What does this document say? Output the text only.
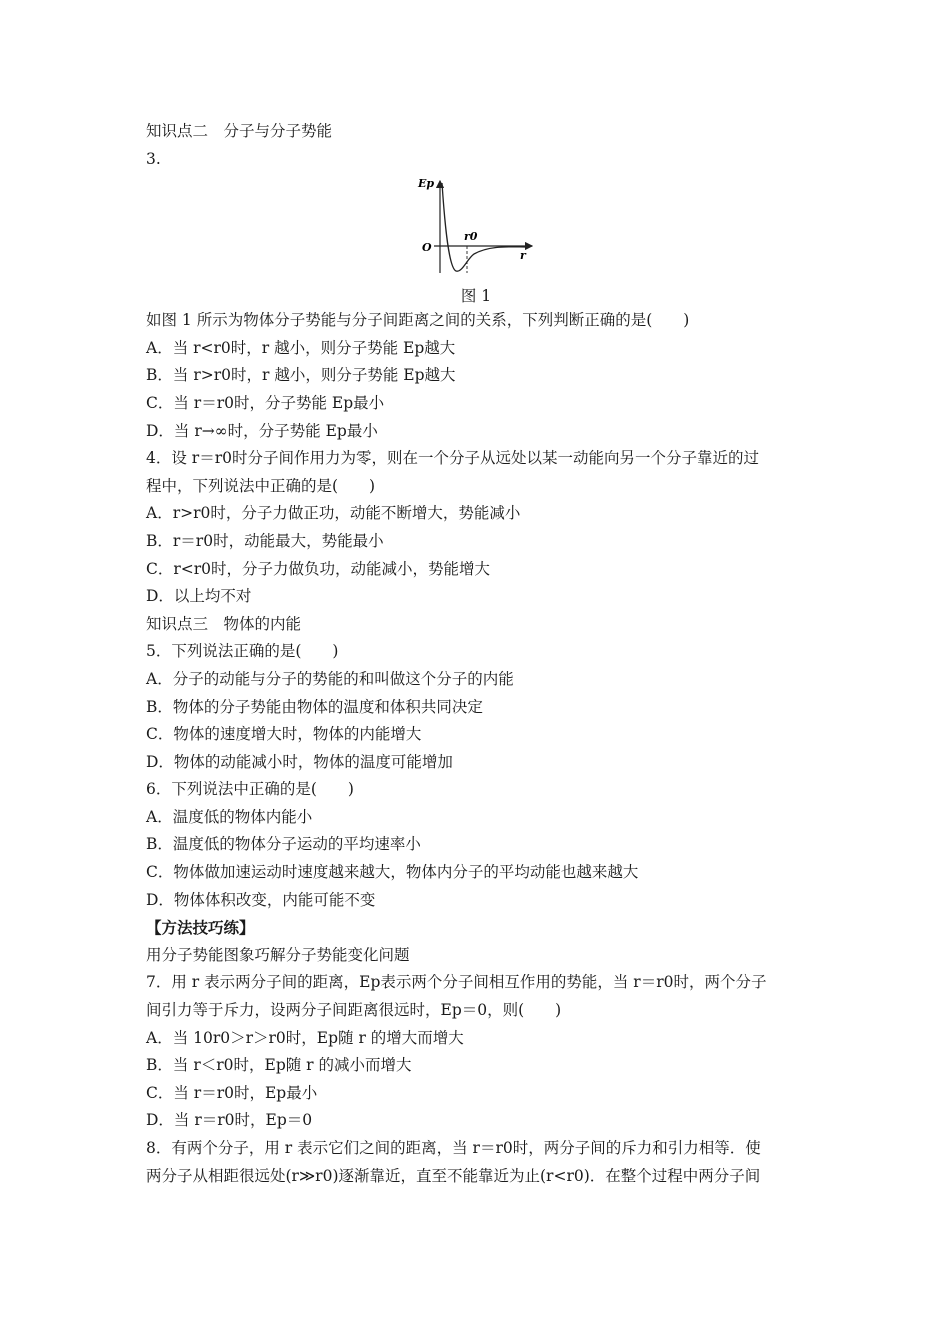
知识点二　分子与分子势能

3.

Ep
O
r0
r
图 1

如图 1 所示为物体分子势能与分子间距离之间的关系，下列判断正确的是(　　)

A．当 r<r0时，r 越小，则分子势能 Ep越大

B．当 r>r0时，r 越小，则分子势能 Ep越大

C．当 r＝r0时，分子势能 Ep最小

D．当 r→∞时，分子势能 Ep最小

4．设 r＝r0时分子间作用力为零，则在一个分子从远处以某一动能向另一个分子靠近的过

程中，下列说法中正确的是(　　)

A．r>r0时，分子力做正功，动能不断增大，势能减小

B．r＝r0时，动能最大，势能最小

C．r<r0时，分子力做负功，动能减小，势能增大

D．以上均不对

知识点三　物体的内能

5．下列说法正确的是(　　)

A．分子的动能与分子的势能的和叫做这个分子的内能

B．物体的分子势能由物体的温度和体积共同决定

C．物体的速度增大时，物体的内能增大

D．物体的动能减小时，物体的温度可能增加

6．下列说法中正确的是(　　)

A．温度低的物体内能小

B．温度低的物体分子运动的平均速率小

C．物体做加速运动时速度越来越大，物体内分子的平均动能也越来越大

D．物体体积改变，内能可能不变

【方法技巧练】

用分子势能图象巧解分子势能变化问题

7．用 r 表示两分子间的距离，Ep表示两个分子间相互作用的势能，当 r＝r0时，两个分子

间引力等于斥力，设两分子间距离很远时，Ep＝0，则(　　)

A．当 10r0＞r＞r0时，Ep随 r 的增大而增大

B．当 r＜r0时，Ep随 r 的减小而增大

C．当 r＝r0时，Ep最小

D．当 r＝r0时，Ep＝0

8．有两个分子，用 r 表示它们之间的距离，当 r＝r0时，两分子间的斥力和引力相等．使

两分子从相距很远处(r≫r0)逐渐靠近，直至不能靠近为止(r<r0)．在整个过程中两分子间
